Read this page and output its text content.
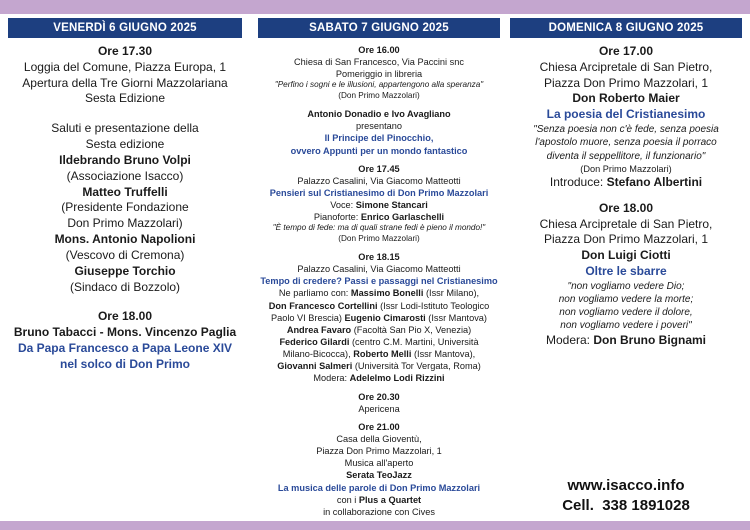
VENERDÌ 6 GIUGNO 2025
Ore 17.30
Loggia del Comune, Piazza Europa, 1
Apertura della Tre Giorni Mazzolariana
Sesta Edizione
Saluti e presentazione della
Sesta edizione
Ildebrando Bruno Volpi
(Associazione Isacco)
Matteo Truffelli
(Presidente Fondazione
Don Primo Mazzolari)
Mons. Antonio Napolioni
(Vescovo di Cremona)
Giuseppe Torchio
(Sindaco di Bozzolo)
Ore 18.00
Bruno Tabacci - Mons. Vincenzo Paglia
Da Papa Francesco a Papa Leone XIV
nel solco di Don Primo
SABATO 7 GIUGNO 2025
Ore 16.00
Chiesa di San Francesco, Via Paccini snc
Pomeriggio in libreria
"Perfino i sogni e le illusioni, appartengono alla speranza"
(Don Primo Mazzolari)
Antonio Donadio e Ivo Avagliano
presentano
Il Principe del Pinocchio,
ovvero Appunti per un mondo fantastico
Ore 17.45
Palazzo Casalini, Via Giacomo Matteotti
Pensieri sul Cristianesimo di Don Primo Mazzolari
Voce: Simone Stancari
Pianoforte: Enrico Garlaschelli
"È tempo di fede: ma di quali strane fedi è pieno il mondo!"
(Don Primo Mazzolari)
Ore 18.15
Palazzo Casalini, Via Giacomo Matteotti
Tempo di credere? Passi e passaggi nel Cristianesimo
Ne parliamo con: Massimo Bonelli (Issr Milano),
Don Francesco Cortellini (Issr Lodi-Istituto Teologico
Paolo VI Brescia) Eugenio Cimarosti (Issr Mantova)
Andrea Favaro (Facoltà San Pio X, Venezia)
Federico Gilardi (centro C.M. Martini, Università
Milano-Bicocca), Roberto Melli (Issr Mantova),
Giovanni Salmeri (Università Tor Vergata, Roma)
Modera: Adelelmo Lodi Rizzini
Ore 20.30
Apericena
Ore 21.00
Casa della Gioventù,
Piazza Don Primo Mazzolari, 1
Musica all'aperto
Serata TeoJazz
La musica delle parole di Don Primo Mazzolari
con i Plus a Quartet
in collaborazione con Cives
DOMENICA 8 GIUGNO 2025
Ore 17.00
Chiesa Arcipretale di San Pietro,
Piazza Don Primo Mazzolari, 1
Don Roberto Maier
La poesia del Cristianesimo
"Senza poesia non c'è fede, senza poesia
l'apostolo muore, senza poesia il porraco
diventa il seppellitore, il funzionario"
(Don Primo Mazzolari)
Introduce: Stefano Albertini
Ore 18.00
Chiesa Arcipretale di San Pietro,
Piazza Don Primo Mazzolari, 1
Don Luigi Ciotti
Oltre le sbarre
"non vogliamo vedere Dio;
non vogliamo vedere la morte;
non vogliamo vedere il dolore,
non vogliamo vedere i poveri"
Modera: Don Bruno Bignami
www.isacco.info
Cell.  338 1891028
